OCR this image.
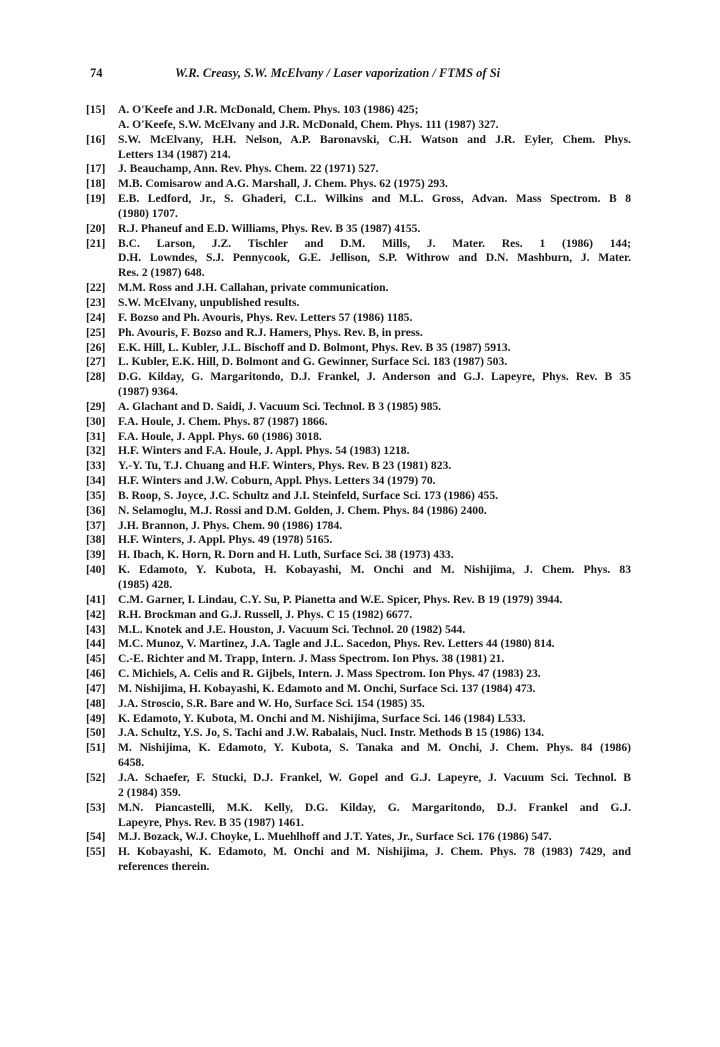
74	W.R. Creasy, S.W. McElvany / Laser vaporization / FTMS of Si
[15]	A. O'Keefe and J.R. McDonald, Chem. Phys. 103 (1986) 425;
A. O'Keefe, S.W. McElvany and J.R. McDonald, Chem. Phys. 111 (1987) 327.
[16]	S.W. McElvany, H.H. Nelson, A.P. Baronavski, C.H. Watson and J.R. Eyler, Chem. Phys.
Letters 134 (1987) 214.
[17]	J. Beauchamp, Ann. Rev. Phys. Chem. 22 (1971) 527.
[18]	M.B. Comisarow and A.G. Marshall, J. Chem. Phys. 62 (1975) 293.
[19]	E.B. Ledford, Jr., S. Ghaderi, C.L. Wilkins and M.L. Gross, Advan. Mass Spectrom. B 8
(1980) 1707.
[20]	R.J. Phaneuf and E.D. Williams, Phys. Rev. B 35 (1987) 4155.
[21]	B.C. Larson, J.Z. Tischler and D.M. Mills, J. Mater. Res. 1 (1986) 144;
D.H. Lowndes, S.J. Pennycook, G.E. Jellison, S.P. Withrow and D.N. Mashburn, J. Mater.
Res. 2 (1987) 648.
[22]	M.M. Ross and J.H. Callahan, private communication.
[23]	S.W. McElvany, unpublished results.
[24]	F. Bozso and Ph. Avouris, Phys. Rev. Letters 57 (1986) 1185.
[25]	Ph. Avouris, F. Bozso and R.J. Hamers, Phys. Rev. B, in press.
[26]	E.K. Hill, L. Kubler, J.L. Bischoff and D. Bolmont, Phys. Rev. B 35 (1987) 5913.
[27]	L. Kubler, E.K. Hill, D. Bolmont and G. Gewinner, Surface Sci. 183 (1987) 503.
[28]	D.G. Kilday, G. Margaritondo, D.J. Frankel, J. Anderson and G.J. Lapeyre, Phys. Rev. B 35
(1987) 9364.
[29]	A. Glachant and D. Saidi, J. Vacuum Sci. Technol. B 3 (1985) 985.
[30]	F.A. Houle, J. Chem. Phys. 87 (1987) 1866.
[31]	F.A. Houle, J. Appl. Phys. 60 (1986) 3018.
[32]	H.F. Winters and F.A. Houle, J. Appl. Phys. 54 (1983) 1218.
[33]	Y.-Y. Tu, T.J. Chuang and H.F. Winters, Phys. Rev. B 23 (1981) 823.
[34]	H.F. Winters and J.W. Coburn, Appl. Phys. Letters 34 (1979) 70.
[35]	B. Roop, S. Joyce, J.C. Schultz and J.I. Steinfeld, Surface Sci. 173 (1986) 455.
[36]	N. Selamoglu, M.J. Rossi and D.M. Golden, J. Chem. Phys. 84 (1986) 2400.
[37]	J.H. Brannon, J. Phys. Chem. 90 (1986) 1784.
[38]	H.F. Winters, J. Appl. Phys. 49 (1978) 5165.
[39]	H. Ibach, K. Horn, R. Dorn and H. Luth, Surface Sci. 38 (1973) 433.
[40]	K. Edamoto, Y. Kubota, H. Kobayashi, M. Onchi and M. Nishijima, J. Chem. Phys. 83
(1985) 428.
[41]	C.M. Garner, I. Lindau, C.Y. Su, P. Pianetta and W.E. Spicer, Phys. Rev. B 19 (1979) 3944.
[42]	R.H. Brockman and G.J. Russell, J. Phys. C 15 (1982) 6677.
[43]	M.L. Knotek and J.E. Houston, J. Vacuum Sci. Technol. 20 (1982) 544.
[44]	M.C. Munoz, V. Martinez, J.A. Tagle and J.L. Sacedon, Phys. Rev. Letters 44 (1980) 814.
[45]	C.-E. Richter and M. Trapp, Intern. J. Mass Spectrom. Ion Phys. 38 (1981) 21.
[46]	C. Michiels, A. Celis and R. Gijbels, Intern. J. Mass Spectrom. Ion Phys. 47 (1983) 23.
[47]	M. Nishijima, H. Kobayashi, K. Edamoto and M. Onchi, Surface Sci. 137 (1984) 473.
[48]	J.A. Stroscio, S.R. Bare and W. Ho, Surface Sci. 154 (1985) 35.
[49]	K. Edamoto, Y. Kubota, M. Onchi and M. Nishijima, Surface Sci. 146 (1984) L533.
[50]	J.A. Schultz, Y.S. Jo, S. Tachi and J.W. Rabalais, Nucl. Instr. Methods B 15 (1986) 134.
[51]	M. Nishijima, K. Edamoto, Y. Kubota, S. Tanaka and M. Onchi, J. Chem. Phys. 84 (1986)
6458.
[52]	J.A. Schaefer, F. Stucki, D.J. Frankel, W. Gopel and G.J. Lapeyre, J. Vacuum Sci. Technol. B
2 (1984) 359.
[53]	M.N. Piancastelli, M.K. Kelly, D.G. Kilday, G. Margaritondo, D.J. Frankel and G.J.
Lapeyre, Phys. Rev. B 35 (1987) 1461.
[54]	M.J. Bozack, W.J. Choyke, L. Muehlhoff and J.T. Yates, Jr., Surface Sci. 176 (1986) 547.
[55]	H. Kobayashi, K. Edamoto, M. Onchi and M. Nishijima, J. Chem. Phys. 78 (1983) 7429, and
references therein.
